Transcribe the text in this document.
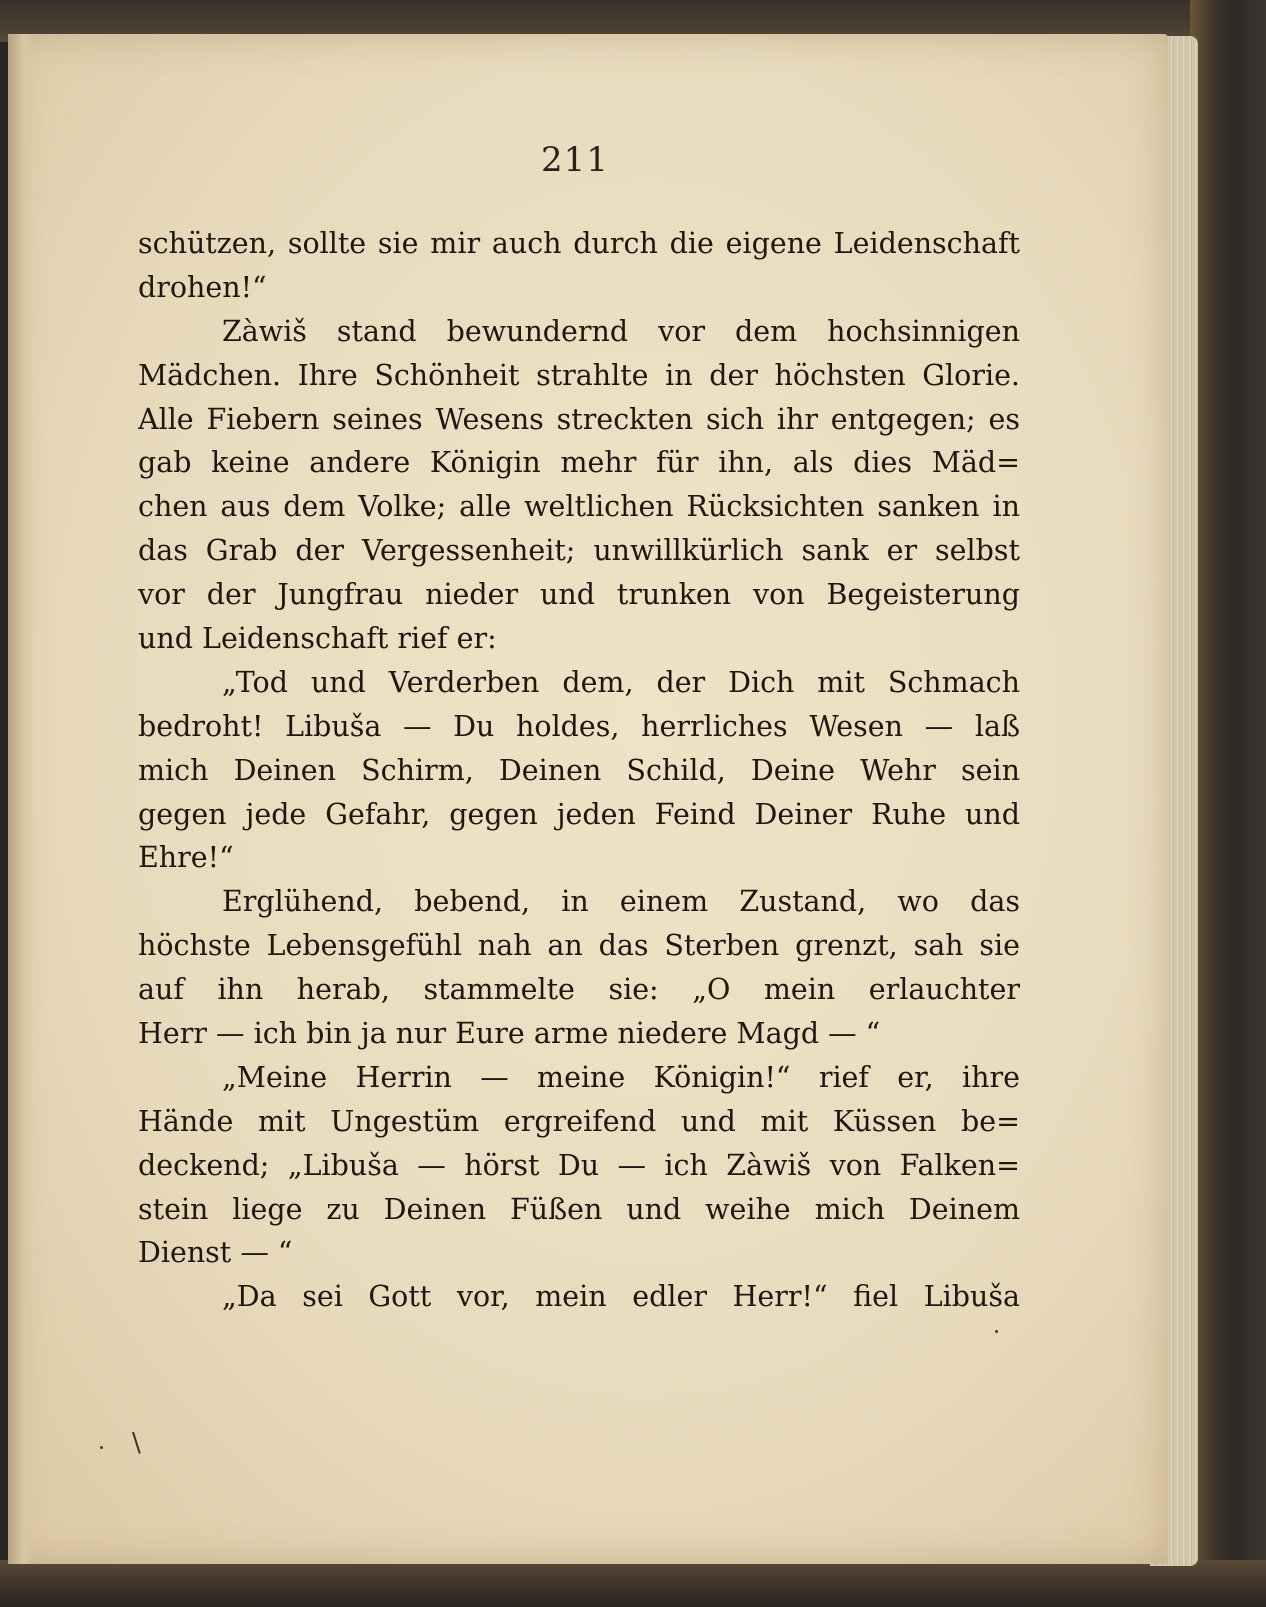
211
schützen, sollte sie mir auch durch die eigene Leidenschaft
drohen!“
Zàwiš stand bewundernd vor dem hochsinnigen
Mädchen. Ihre Schönheit strahlte in der höchsten Glorie.
Alle Fiebern seines Wesens streckten sich ihr entgegen; es
gab keine andere Königin mehr für ihn, als dies Mäd=
chen aus dem Volke; alle weltlichen Rücksichten sanken in
das Grab der Vergessenheit; unwillkürlich sank er selbst
vor der Jungfrau nieder und trunken von Begeisterung
und Leidenschaft rief er:
„Tod und Verderben dem, der Dich mit Schmach
bedroht! Libuša — Du holdes, herrliches Wesen — laß
mich Deinen Schirm, Deinen Schild, Deine Wehr sein
gegen jede Gefahr, gegen jeden Feind Deiner Ruhe und
Ehre!“
Erglühend, bebend, in einem Zustand, wo das
höchste Lebensgefühl nah an das Sterben grenzt, sah sie
auf ihn herab, stammelte sie: „O mein erlauchter
Herr — ich bin ja nur Eure arme niedere Magd — “
„Meine Herrin — meine Königin!“ rief er, ihre
Hände mit Ungestüm ergreifend und mit Küssen be=
deckend; „Libuša — hörst Du — ich Zàwiš von Falken=
stein liege zu Deinen Füßen und weihe mich Deinem
Dienst — “
„Da sei Gott vor, mein edler Herr!“ fiel Libuša
\
